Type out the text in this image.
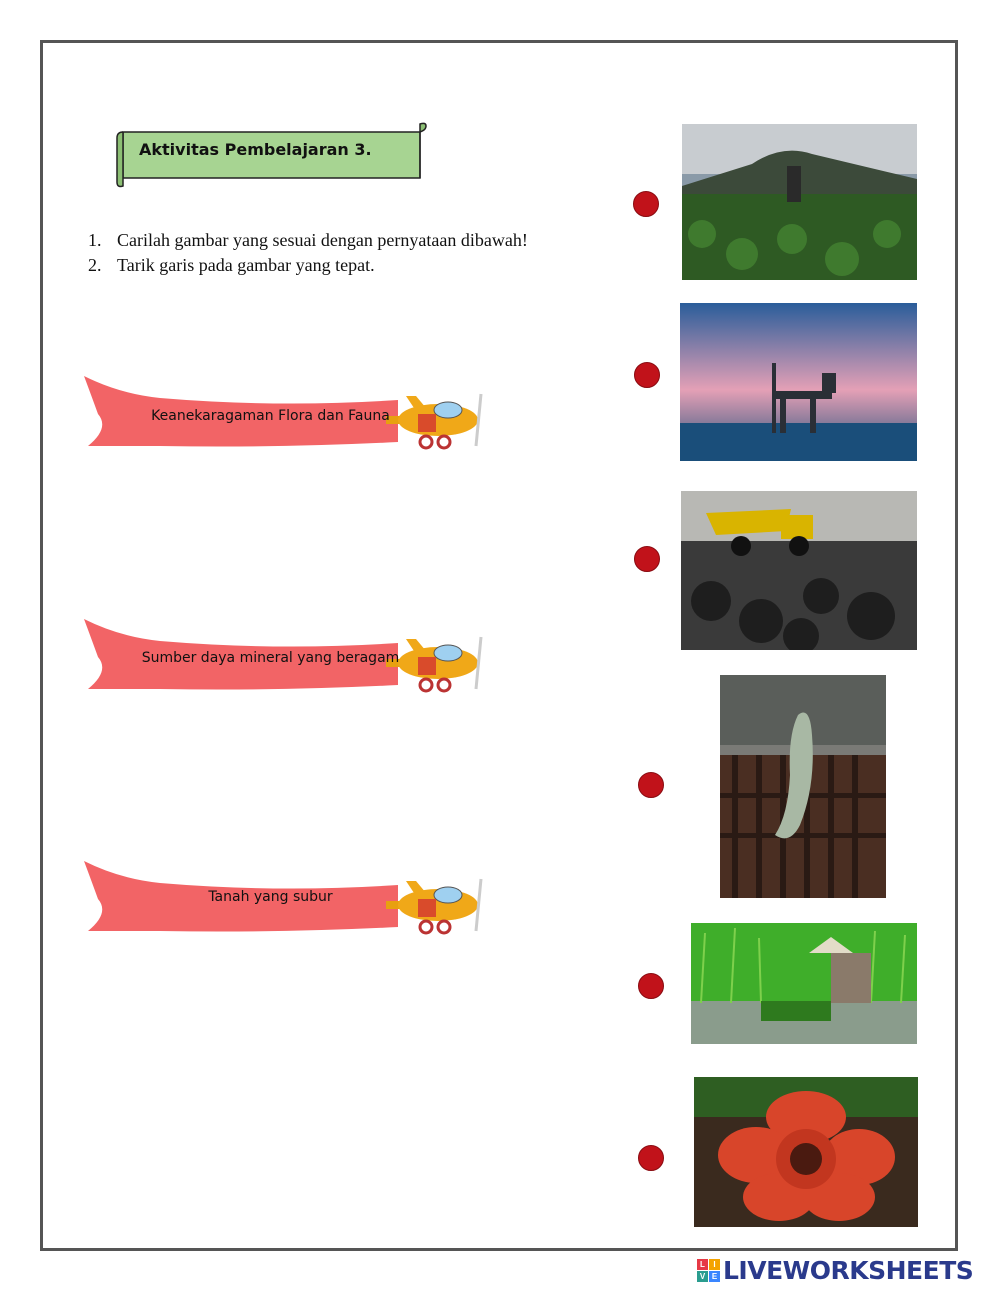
Aktivitas Pembelajaran 3.
1. Carilah gambar yang sesuai dengan pernyataan dibawah!
2. Tarik garis pada gambar yang tepat.
Keanekaragaman Flora dan Fauna
Sumber daya mineral yang beragam
Tanah yang subur
L	I
V E LIVEWORKSHEETS
